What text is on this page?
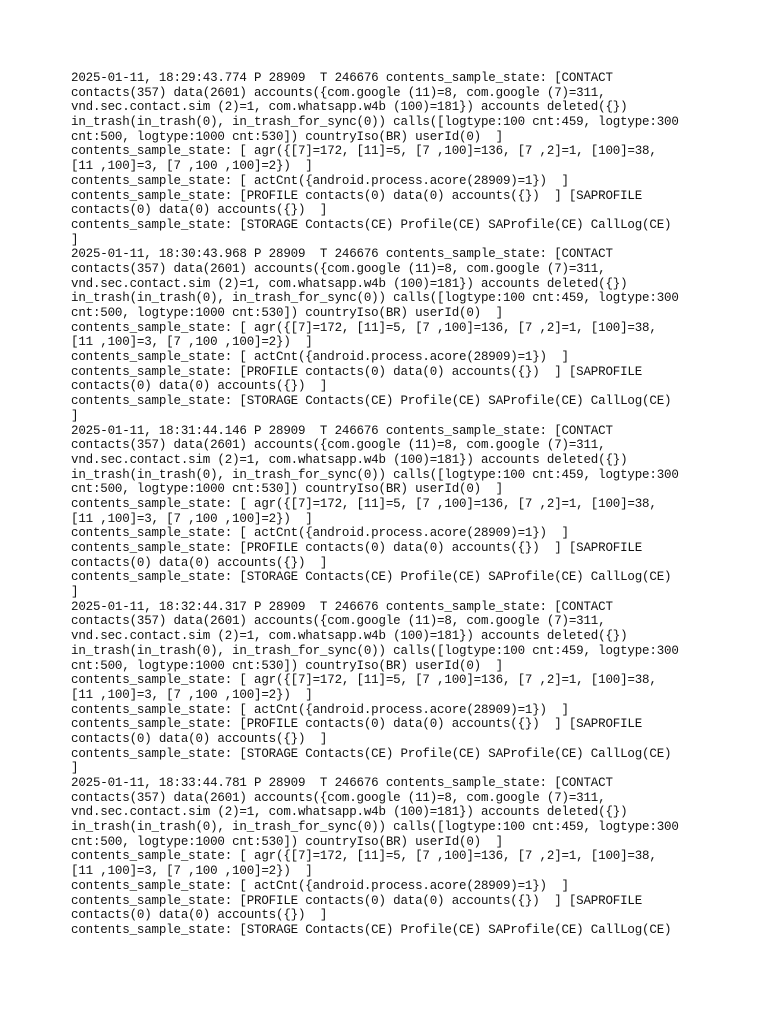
2025-01-11, 18:29:43.774 P 28909  T 246676 contents_sample_state: [CONTACT
contacts(357) data(2601) accounts({com.google (11)=8, com.google (7)=311,
vnd.sec.contact.sim (2)=1, com.whatsapp.w4b (100)=181}) accounts deleted({})
in_trash(in_trash(0), in_trash_for_sync(0)) calls([logtype:100 cnt:459, logtype:300
cnt:500, logtype:1000 cnt:530]) countryIso(BR) userId(0)  ]
contents_sample_state: [ agr({[7]=172, [11]=5, [7 ,100]=136, [7 ,2]=1, [100]=38,
[11 ,100]=3, [7 ,100 ,100]=2})  ]
contents_sample_state: [ actCnt({android.process.acore(28909)=1})  ]
contents_sample_state: [PROFILE contacts(0) data(0) accounts({})  ] [SAPROFILE
contacts(0) data(0) accounts({})  ]
contents_sample_state: [STORAGE Contacts(CE) Profile(CE) SAProfile(CE) CallLog(CE)
]
2025-01-11, 18:30:43.968 P 28909  T 246676 contents_sample_state: [CONTACT
contacts(357) data(2601) accounts({com.google (11)=8, com.google (7)=311,
vnd.sec.contact.sim (2)=1, com.whatsapp.w4b (100)=181}) accounts deleted({})
in_trash(in_trash(0), in_trash_for_sync(0)) calls([logtype:100 cnt:459, logtype:300
cnt:500, logtype:1000 cnt:530]) countryIso(BR) userId(0)  ]
contents_sample_state: [ agr({[7]=172, [11]=5, [7 ,100]=136, [7 ,2]=1, [100]=38,
[11 ,100]=3, [7 ,100 ,100]=2})  ]
contents_sample_state: [ actCnt({android.process.acore(28909)=1})  ]
contents_sample_state: [PROFILE contacts(0) data(0) accounts({})  ] [SAPROFILE
contacts(0) data(0) accounts({})  ]
contents_sample_state: [STORAGE Contacts(CE) Profile(CE) SAProfile(CE) CallLog(CE)
]
2025-01-11, 18:31:44.146 P 28909  T 246676 contents_sample_state: [CONTACT
contacts(357) data(2601) accounts({com.google (11)=8, com.google (7)=311,
vnd.sec.contact.sim (2)=1, com.whatsapp.w4b (100)=181}) accounts deleted({})
in_trash(in_trash(0), in_trash_for_sync(0)) calls([logtype:100 cnt:459, logtype:300
cnt:500, logtype:1000 cnt:530]) countryIso(BR) userId(0)  ]
contents_sample_state: [ agr({[7]=172, [11]=5, [7 ,100]=136, [7 ,2]=1, [100]=38,
[11 ,100]=3, [7 ,100 ,100]=2})  ]
contents_sample_state: [ actCnt({android.process.acore(28909)=1})  ]
contents_sample_state: [PROFILE contacts(0) data(0) accounts({})  ] [SAPROFILE
contacts(0) data(0) accounts({})  ]
contents_sample_state: [STORAGE Contacts(CE) Profile(CE) SAProfile(CE) CallLog(CE)
]
2025-01-11, 18:32:44.317 P 28909  T 246676 contents_sample_state: [CONTACT
contacts(357) data(2601) accounts({com.google (11)=8, com.google (7)=311,
vnd.sec.contact.sim (2)=1, com.whatsapp.w4b (100)=181}) accounts deleted({})
in_trash(in_trash(0), in_trash_for_sync(0)) calls([logtype:100 cnt:459, logtype:300
cnt:500, logtype:1000 cnt:530]) countryIso(BR) userId(0)  ]
contents_sample_state: [ agr({[7]=172, [11]=5, [7 ,100]=136, [7 ,2]=1, [100]=38,
[11 ,100]=3, [7 ,100 ,100]=2})  ]
contents_sample_state: [ actCnt({android.process.acore(28909)=1})  ]
contents_sample_state: [PROFILE contacts(0) data(0) accounts({})  ] [SAPROFILE
contacts(0) data(0) accounts({})  ]
contents_sample_state: [STORAGE Contacts(CE) Profile(CE) SAProfile(CE) CallLog(CE)
]
2025-01-11, 18:33:44.781 P 28909  T 246676 contents_sample_state: [CONTACT
contacts(357) data(2601) accounts({com.google (11)=8, com.google (7)=311,
vnd.sec.contact.sim (2)=1, com.whatsapp.w4b (100)=181}) accounts deleted({})
in_trash(in_trash(0), in_trash_for_sync(0)) calls([logtype:100 cnt:459, logtype:300
cnt:500, logtype:1000 cnt:530]) countryIso(BR) userId(0)  ]
contents_sample_state: [ agr({[7]=172, [11]=5, [7 ,100]=136, [7 ,2]=1, [100]=38,
[11 ,100]=3, [7 ,100 ,100]=2})  ]
contents_sample_state: [ actCnt({android.process.acore(28909)=1})  ]
contents_sample_state: [PROFILE contacts(0) data(0) accounts({})  ] [SAPROFILE
contacts(0) data(0) accounts({})  ]
contents_sample_state: [STORAGE Contacts(CE) Profile(CE) SAProfile(CE) CallLog(CE)
